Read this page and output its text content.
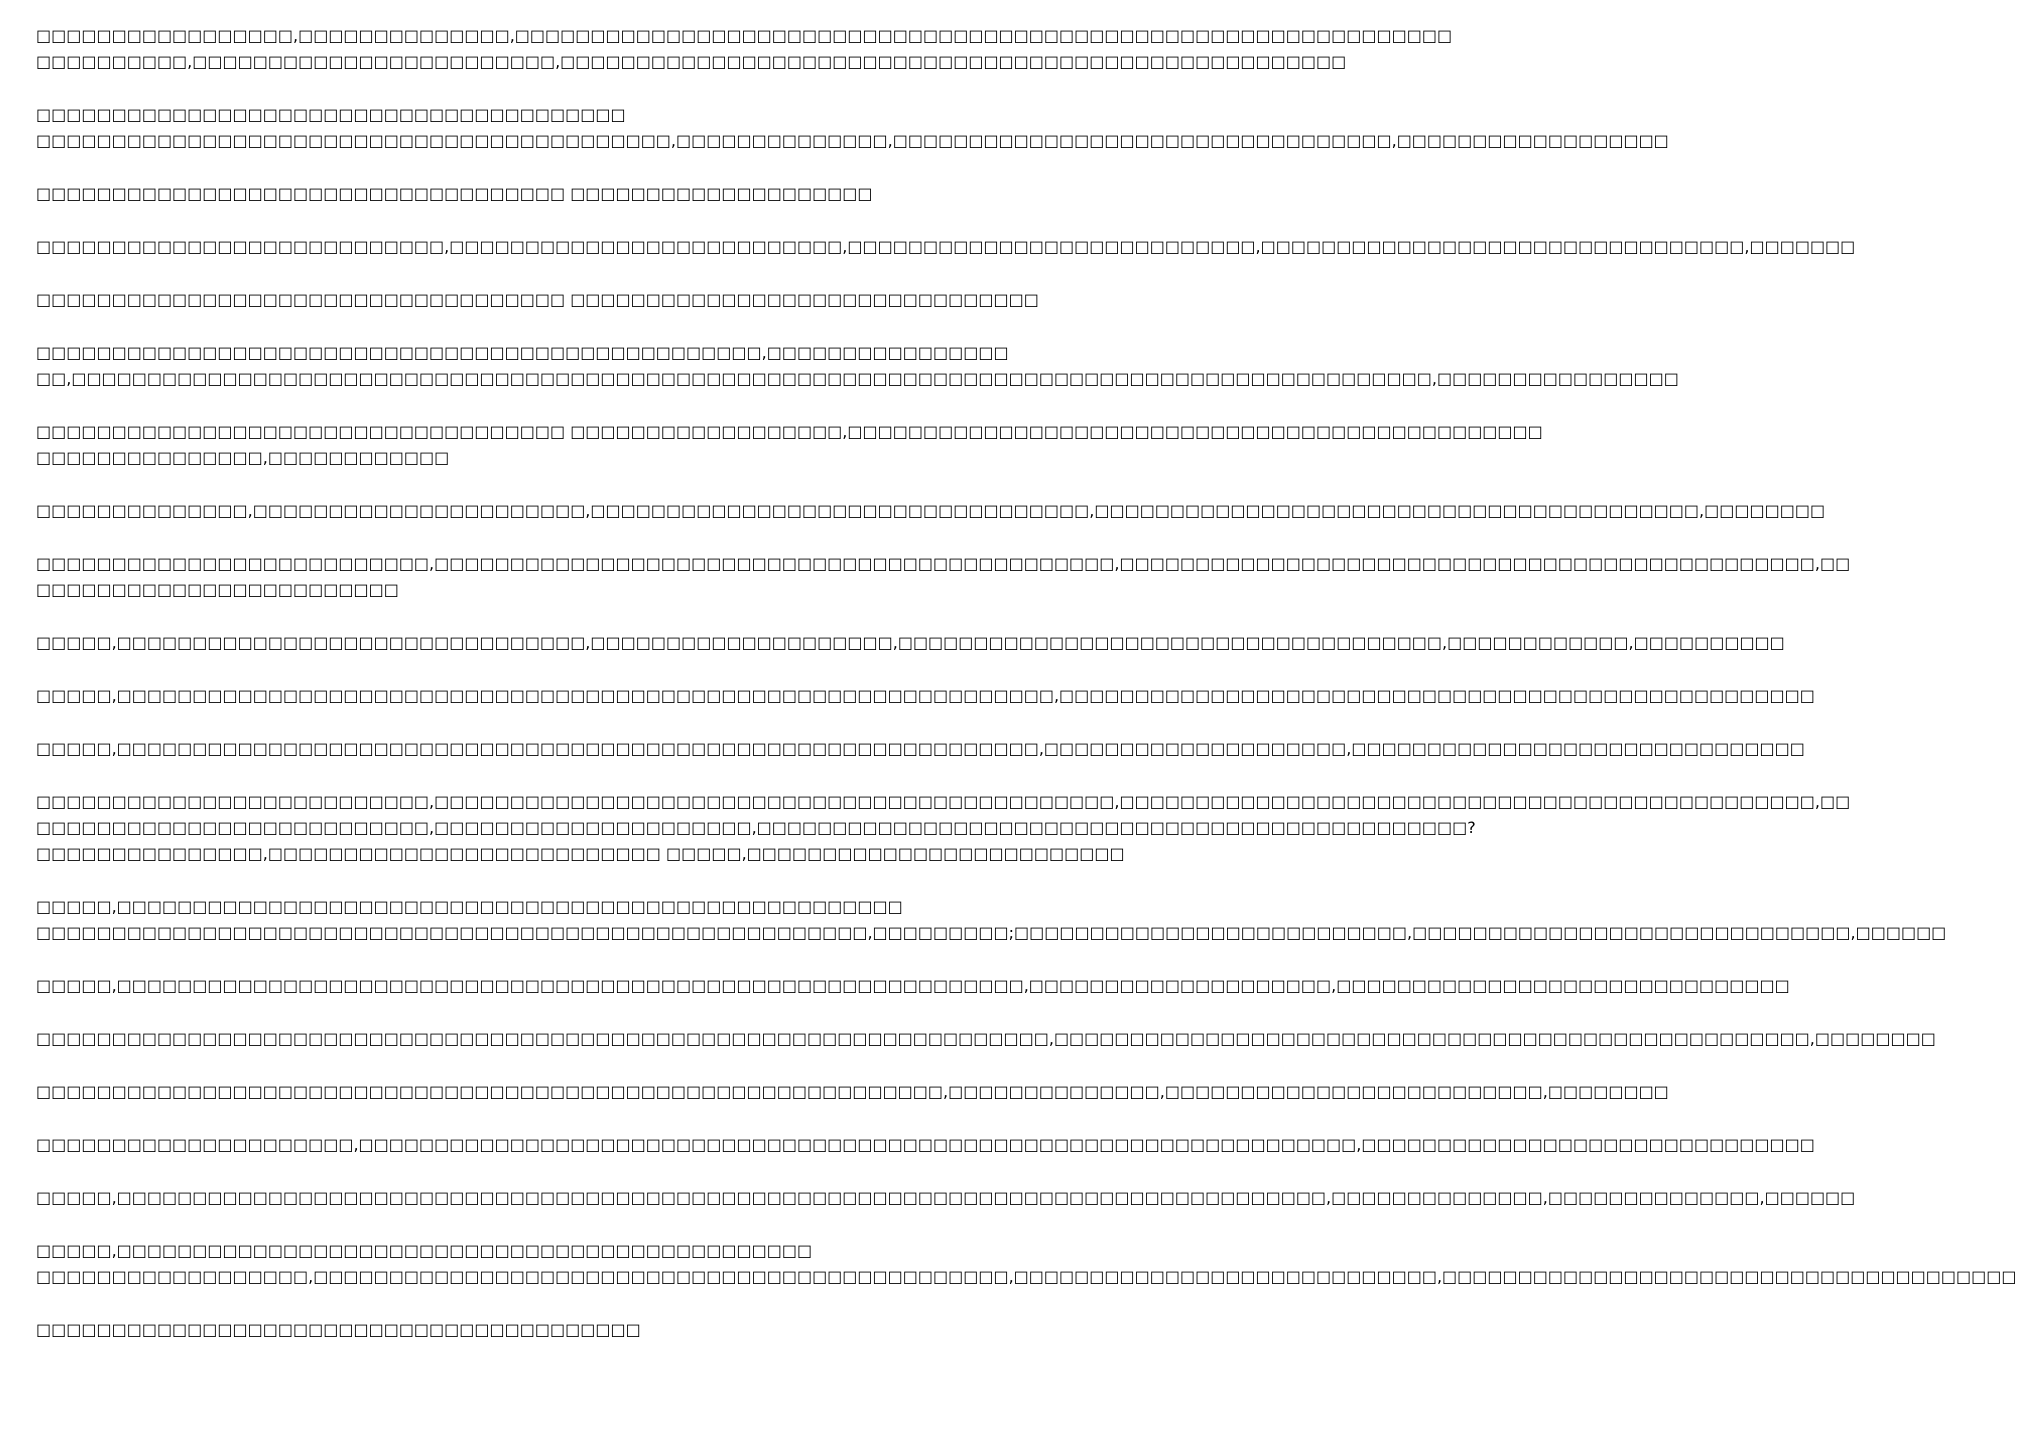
□□□□□□□□□□□□□□□□□,□□□□□□□□□□□□□□,□□□□□□□□□□□□□□□□□□□□□□□□□□□□□□□□□□□□□□□□□□□□□□□□□□□□□□□□□□□□□□
□□□□□□□□□□,□□□□□□□□□□□□□□□□□□□□□□□□,□□□□□□□□□□□□□□□□□□□□□□□□□□□□□□□□□□□□□□□□□□□□□□□□□□□□
□□□□□□□□□□□□□□□□□□□□□□□□□□□□□□□□□□□□□□□
□□□□□□□□□□□□□□□□□□□□□□□□□□□□□□□□□□□□□□□□□□,□□□□□□□□□□□□□□,□□□□□□□□□□□□□□□□□□□□□□□□□□□□□□□□□,□□□□□□□□□□□□□□□□□□
□□□□□□□□□□□□□□□□□□□□□□□□□□□□□□□□□□□ □□□□□□□□□□□□□□□□□□□□
□□□□□□□□□□□□□□□□□□□□□□□□□□□,□□□□□□□□□□□□□□□□□□□□□□□□□□,□□□□□□□□□□□□□□□□□□□□□□□□□□□,□□□□□□□□□□□□□□□□□□□□□□□□□□□□□□□□,□□□□□□□
□□□□□□□□□□□□□□□□□□□□□□□□□□□□□□□□□□□ □□□□□□□□□□□□□□□□□□□□□□□□□□□□□□□
□□□□□□□□□□□□□□□□□□□□□□□□□□□□□□□□□□□□□□□□□□□□□□□□,□□□□□□□□□□□□□□□□
□□,□□□□□□□□□□□□□□□□□□□□□□□□□□□□□□□□□□□□□□□□□□□□□□□□□□□□□□□□□□□□□□□□□□□□□□□□□□□□□□□□□□□□□□□□□□,□□□□□□□□□□□□□□□□
□□□□□□□□□□□□□□□□□□□□□□□□□□□□□□□□□□□ □□□□□□□□□□□□□□□□□□,□□□□□□□□□□□□□□□□□□□□□□□□□□□□□□□□□□□□□□□□□□□□□□
□□□□□□□□□□□□□□□,□□□□□□□□□□□□
□□□□□□□□□□□□□□,□□□□□□□□□□□□□□□□□□□□□□,□□□□□□□□□□□□□□□□□□□□□□□□□□□□□□□□□,□□□□□□□□□□□□□□□□□□□□□□□□□□□□□□□□□□□□□□□□,□□□□□□□□
□□□□□□□□□□□□□□□□□□□□□□□□□□,□□□□□□□□□□□□□□□□□□□□□□□□□□□□□□□□□□□□□□□□□□□□□,□□□□□□□□□□□□□□□□□□□□□□□□□□□□□□□□□□□□□□□□□□□□□□,□□
□□□□□□□□□□□□□□□□□□□□□□□□
□□□□□,□□□□□□□□□□□□□□□□□□□□□□□□□□□□□□□,□□□□□□□□□□□□□□□□□□□□,□□□□□□□□□□□□□□□□□□□□□□□□□□□□□□□□□□□□,□□□□□□□□□□□□,□□□□□□□□□□
□□□□□,□□□□□□□□□□□□□□□□□□□□□□□□□□□□□□□□□□□□□□□□□□□□□□□□□□□□□□□□□□□□□□,□□□□□□□□□□□□□□□□□□□□□□□□□□□□□□□□□□□□□□□□□□□□□□□□□□
□□□□□,□□□□□□□□□□□□□□□□□□□□□□□□□□□□□□□□□□□□□□□□□□□□□□□□□□□□□□□□□□□□□,□□□□□□□□□□□□□□□□□□□□,□□□□□□□□□□□□□□□□□□□□□□□□□□□□□□
□□□□□□□□□□□□□□□□□□□□□□□□□□,□□□□□□□□□□□□□□□□□□□□□□□□□□□□□□□□□□□□□□□□□□□□□,□□□□□□□□□□□□□□□□□□□□□□□□□□□□□□□□□□□□□□□□□□□□□□,□□
□□□□□□□□□□□□□□□□□□□□□□□□□□,□□□□□□□□□□□□□□□□□□□□□,□□□□□□□□□□□□□□□□□□□□□□□□□□□□□□□□□□□□□□□□□□□□□□□?
□□□□□□□□□□□□□□□,□□□□□□□□□□□□□□□□□□□□□□□□□□ □□□□□,□□□□□□□□□□□□□□□□□□□□□□□□□
□□□□□,□□□□□□□□□□□□□□□□□□□□□□□□□□□□□□□□□□□□□□□□□□□□□□□□□□□□
□□□□□□□□□□□□□□□□□□□□□□□□□□□□□□□□□□□□□□□□□□□□□□□□□□□□□□□,□□□□□□□□□;□□□□□□□□□□□□□□□□□□□□□□□□□□,□□□□□□□□□□□□□□□□□□□□□□□□□□□□□,□□□□□□
□□□□□,□□□□□□□□□□□□□□□□□□□□□□□□□□□□□□□□□□□□□□□□□□□□□□□□□□□□□□□□□□□□,□□□□□□□□□□□□□□□□□□□□,□□□□□□□□□□□□□□□□□□□□□□□□□□□□□□
□□□□□□□□□□□□□□□□□□□□□□□□□□□□□□□□□□□□□□□□□□□□□□□□□□□□□□□□□□□□□□□□□□□,□□□□□□□□□□□□□□□□□□□□□□□□□□□□□□□□□□□□□□□□□□□□□□□□□□,□□□□□□□□
□□□□□□□□□□□□□□□□□□□□□□□□□□□□□□□□□□□□□□□□□□□□□□□□□□□□□□□□□□□□,□□□□□□□□□□□□□□,□□□□□□□□□□□□□□□□□□□□□□□□□,□□□□□□□□
□□□□□□□□□□□□□□□□□□□□□,□□□□□□□□□□□□□□□□□□□□□□□□□□□□□□□□□□□□□□□□□□□□□□□□□□□□□□□□□□□□□□□□□□,□□□□□□□□□□□□□□□□□□□□□□□□□□□□□□
□□□□□,□□□□□□□□□□□□□□□□□□□□□□□□□□□□□□□□□□□□□□□□□□□□□□□□□□□□□□□□□□□□□□□□□□□□□□□□□□□□□□□□,□□□□□□□□□□□□□□,□□□□□□□□□□□□□□,□□□□□□
□□□□□,□□□□□□□□□□□□□□□□□□□□□□□□□□□□□□□□□□□□□□□□□□□□□□
□□□□□□□□□□□□□□□□□□,□□□□□□□□□□□□□□□□□□□□□□□□□□□□□□□□□□□□□□□□□□□□□□,□□□□□□□□□□□□□□□□□□□□□□□□□□□□,□□□□□□□□□□□□□□□□□□□□□□□□□□□□□□□□□□□□□□
□□□□□□□□□□□□□□□□□□□□□□□□□□□□□□□□□□□□□□□□
